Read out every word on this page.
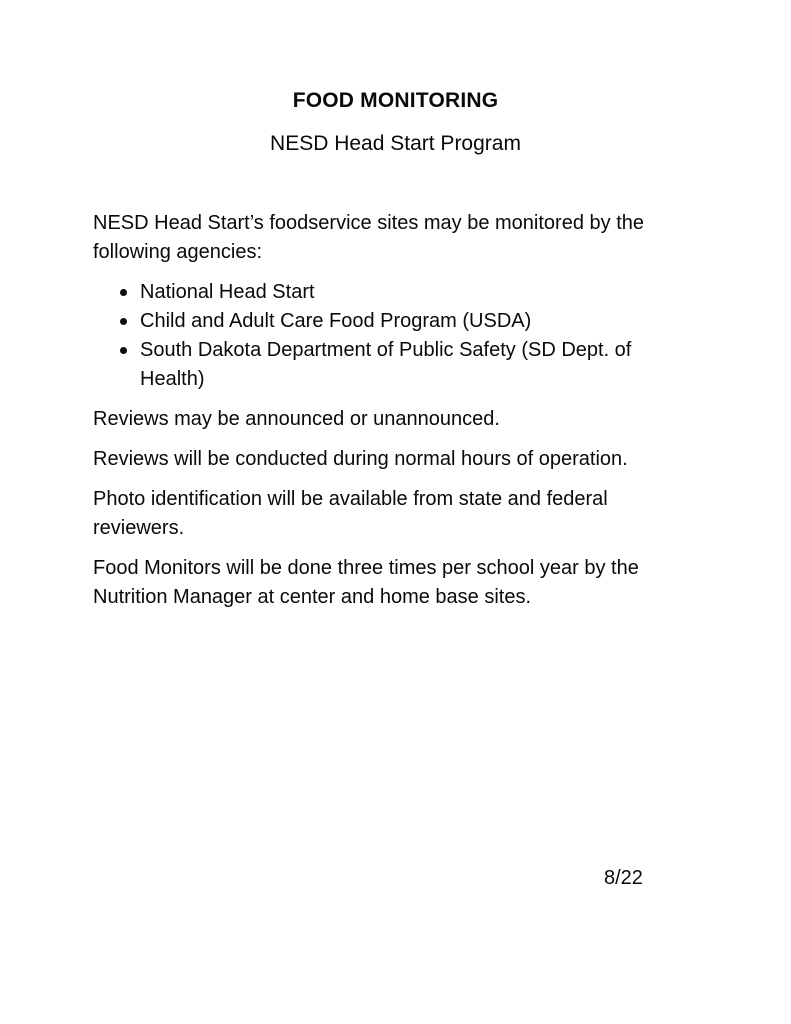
FOOD MONITORING
NESD Head Start Program

NESD Head Start’s foodservice sites may be monitored by the following agencies:

National Head Start
Child and Adult Care Food Program (USDA)
South Dakota Department of Public Safety (SD Dept. of Health)

Reviews may be announced or unannounced.

Reviews will be conducted during normal hours of operation.

Photo identification will be available from state and federal reviewers.

Food Monitors will be done three times per school year by the Nutrition Manager at center and home base sites.

8/22
